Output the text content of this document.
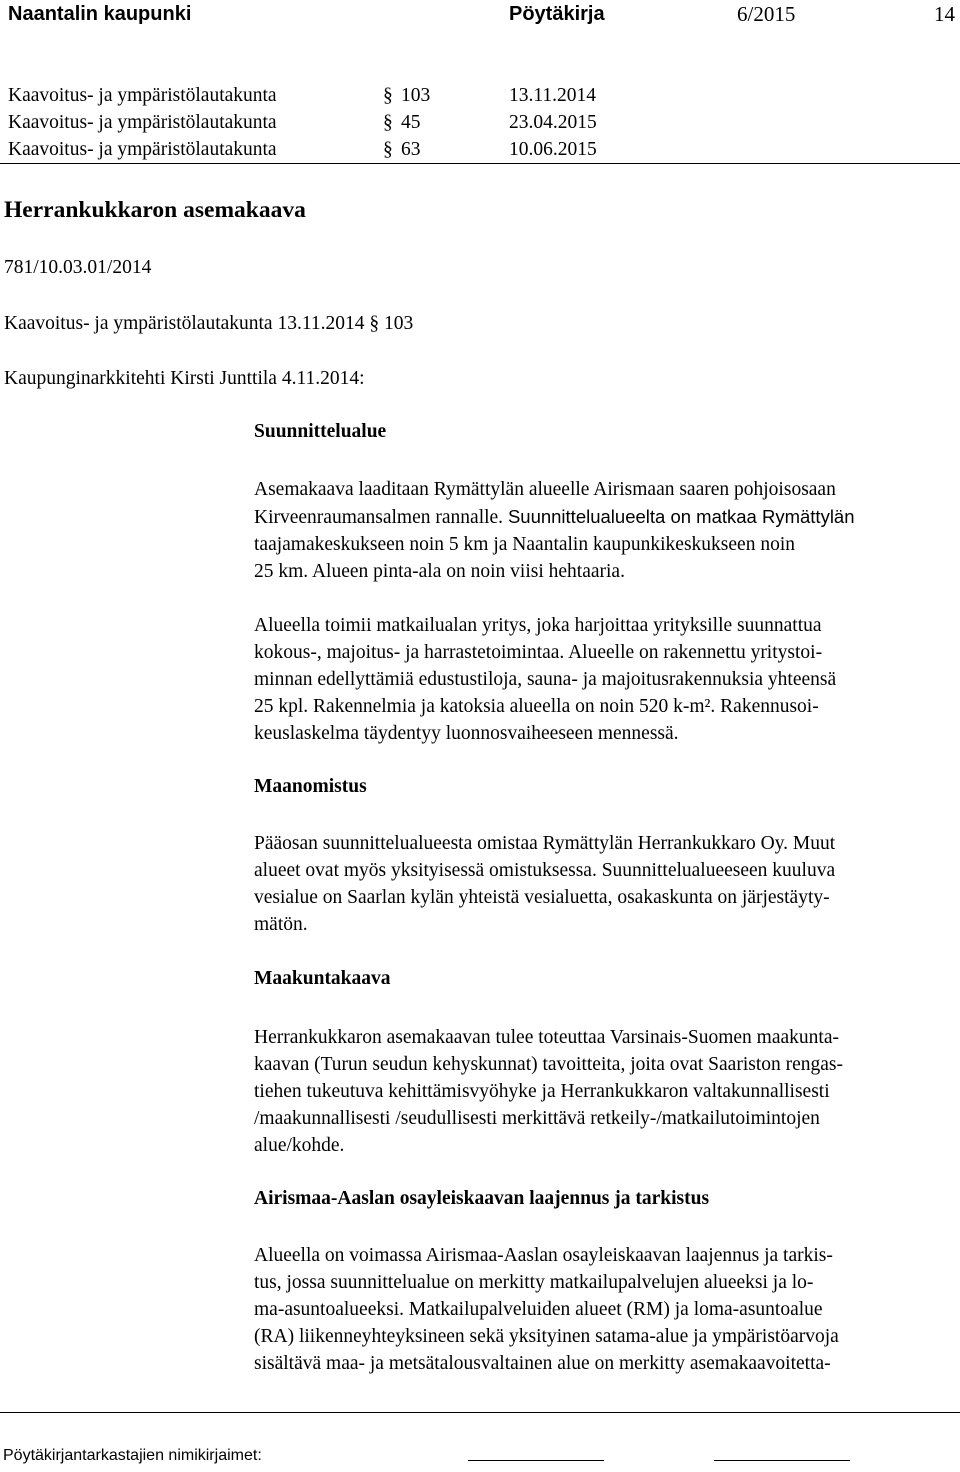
Naantalin kaupunki	Pöytäkirja	6/2015	14
Kaavoitus- ja ympäristölautakunta	§ 103	13.11.2014
Kaavoitus- ja ympäristölautakunta	§ 45	23.04.2015
Kaavoitus- ja ympäristölautakunta	§ 63	10.06.2015
Herrankukkaron asemakaava
781/10.03.01/2014
Kaavoitus- ja ympäristölautakunta 13.11.2014 § 103
Kaupunginarkkitehti Kirsti Junttila 4.11.2014:
Suunnittelualue
Asemakaava laaditaan Rymättylän alueelle Airismaan saaren pohjoisosaan
Kirveenraumansalmen rannalle. Suunnittelualueelta on matkaa Rymättylän
taajamakeskukseen noin 5 km ja Naantalin kaupunkikeskukseen noin
25 km. Alueen pinta-ala on noin viisi hehtaaria.
Alueella toimii matkailualan yritys, joka harjoittaa yrityksille suunnattua
kokous-, majoitus- ja harrastetoimintaa. Alueelle on rakennettu yritystoi-
minnan edellyttämiä edustustiloja, sauna- ja majoitusrakennuksia yhteensä
25 kpl. Rakennelmia ja katoksia alueella on noin 520 k-m². Rakennusoi-
keuslaskelma täydentyy luonnosvaiheeseen mennessä.
Maanomistus
Pääosan suunnittelualueesta omistaa Rymättylän Herrankukkaro Oy. Muut
alueet ovat myös yksityisessä omistuksessa. Suunnittelualueeseen kuuluva
vesialue on Saarlan kylän yhteistä vesialuetta, osakaskunta on järjestäyty-
mätön.
Maakuntakaava
Herrankukkaron asemakaavan tulee toteuttaa Varsinais-Suomen maakunta-
kaavan (Turun seudun kehyskunnat) tavoitteita, joita ovat Saariston rengas-
tiehen tukeutuva kehittämisvyöhyke ja Herrankukkaron valtakunnallisesti
/maakunnallisesti /seudullisesti merkittävä retkeily-/matkailutoimintojen
alue/kohde.
Airismaa-Aaslan osayleiskaavan laajennus ja tarkistus
Alueella on voimassa Airismaa-Aaslan osayleiskaavan laajennus ja tarkis-
tus, jossa suunnittelualue on merkitty matkailupalvelujen alueeksi ja lo-
ma-asuntoalueeksi. Matkailupalveluiden alueet (RM) ja loma-asuntoalue
(RA) liikenneyhteyksineen sekä yksityinen satama-alue ja ympäristöarvoja
sisältävä maa- ja metsätalousvaltainen alue on merkitty asemakaavoitetta-
Pöytäkirjantarkastajien nimikirjaimet:
